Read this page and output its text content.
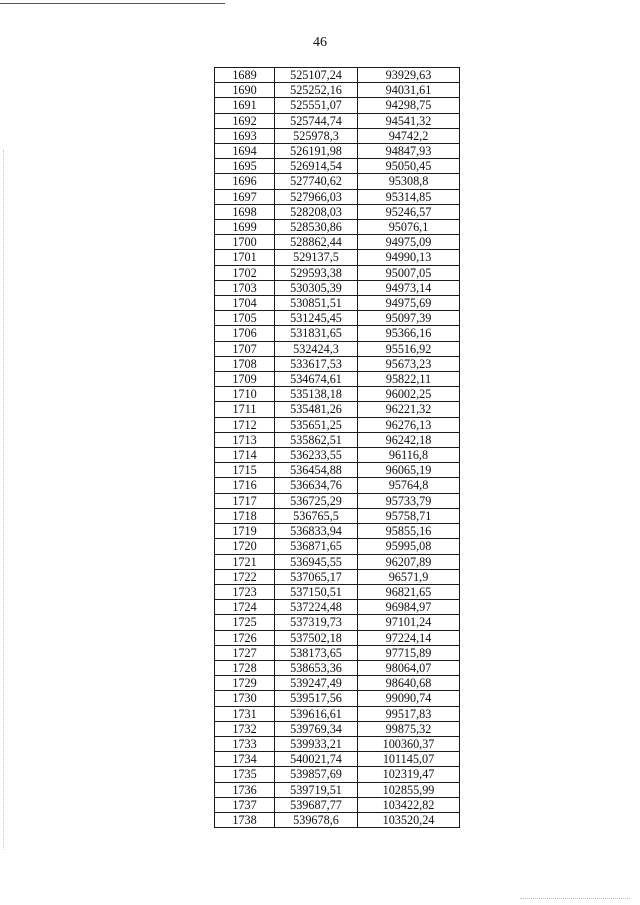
46
1689	525107,24	93929,63
1690	525252,16	94031,61
1691	525551,07	94298,75
1692	525744,74	94541,32
1693	525978,3	94742,2
1694	526191,98	94847,93
1695	526914,54	95050,45
1696	527740,62	95308,8
1697	527966,03	95314,85
1698	528208,03	95246,57
1699	528530,86	95076,1
1700	528862,44	94975,09
1701	529137,5	94990,13
1702	529593,38	95007,05
1703	530305,39	94973,14
1704	530851,51	94975,69
1705	531245,45	95097,39
1706	531831,65	95366,16
1707	532424,3	95516,92
1708	533617,53	95673,23
1709	534674,61	95822,11
1710	535138,18	96002,25
1711	535481,26	96221,32
1712	535651,25	96276,13
1713	535862,51	96242,18
1714	536233,55	96116,8
1715	536454,88	96065,19
1716	536634,76	95764,8
1717	536725,29	95733,79
1718	536765,5	95758,71
1719	536833,94	95855,16
1720	536871,65	95995,08
1721	536945,55	96207,89
1722	537065,17	96571,9
1723	537150,51	96821,65
1724	537224,48	96984,97
1725	537319,73	97101,24
1726	537502,18	97224,14
1727	538173,65	97715,89
1728	538653,36	98064,07
1729	539247,49	98640,68
1730	539517,56	99090,74
1731	539616,61	99517,83
1732	539769,34	99875,32
1733	539933,21	100360,37
1734	540021,74	101145,07
1735	539857,69	102319,47
1736	539719,51	102855,99
1737	539687,77	103422,82
1738	539678,6	103520,24
